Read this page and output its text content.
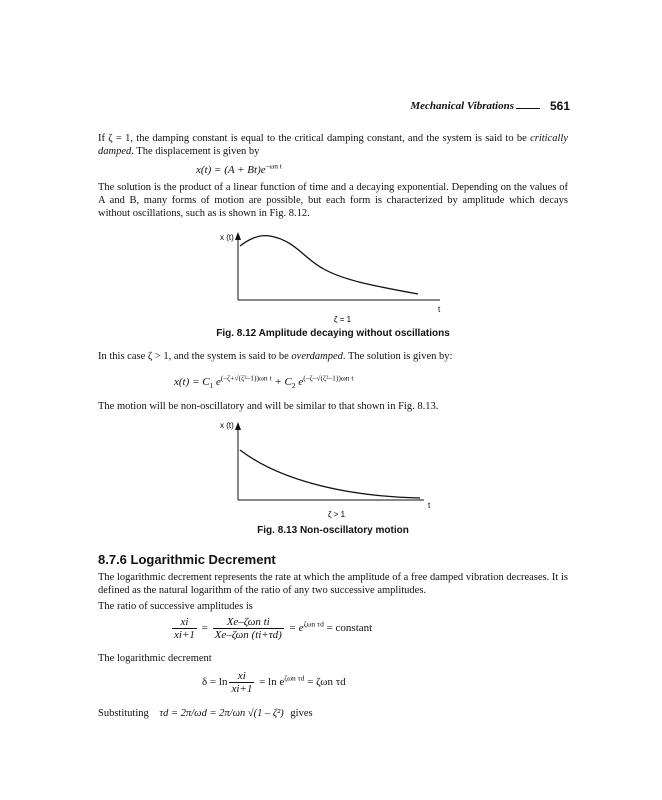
Mechanical Vibrations	561
If ζ = 1, the damping constant is equal to the critical damping constant, and the system is said to be critically damped. The displacement is given by
$x(t) = (A + Bt)e^{-\omega n t}$
The solution is the product of a linear function of time and a decaying exponential. Depending on the values of A and B, many forms of motion are possible, but each form is characterized by amplitude which decays without oscillations, such as is shown in Fig. 8.12.
x (t)
t
ζ = 1
Fig. 8.12 Amplitude decaying without oscillations
In this case ζ > 1, and the system is said to be overdamped. The solution is given by:
$x(t) = C_1$ $e^{(-\zeta+√(\zeta^2-1))\omega n t} + C_2$ $e^{(-\zeta-√(\zeta^2-1))\omega n t}$
The motion will be non-oscillatory and will be similar to that shown in Fig. 8.13.
x (t)
t
ζ > 1
Fig. 8.13 Non-oscillatory motion
8.7.6 Logarithmic Decrement
The logarithmic decrement represents the rate at which the amplitude of a free damped vibration decreases. It is defined as the natural logarithm of the ratio of any two successive amplitudes.
The ratio of successive amplitudes is
$\frac{xi}{xi+1} = \frac{\text{Xe–ζωn ti}}{\text{Xe–ζωn (ti+τd)}} = e^{\zeta\omega n \tau d}$ = constant
The logarithmic decrement
$\delta = \ln \frac{xi}{xi+1} = \ln e^{\zeta\omega n \tau d} = \zeta\omega n$ τd
Substituting τd = 2π/ωd = 2π/ωn √(1 – ζ²) gives
